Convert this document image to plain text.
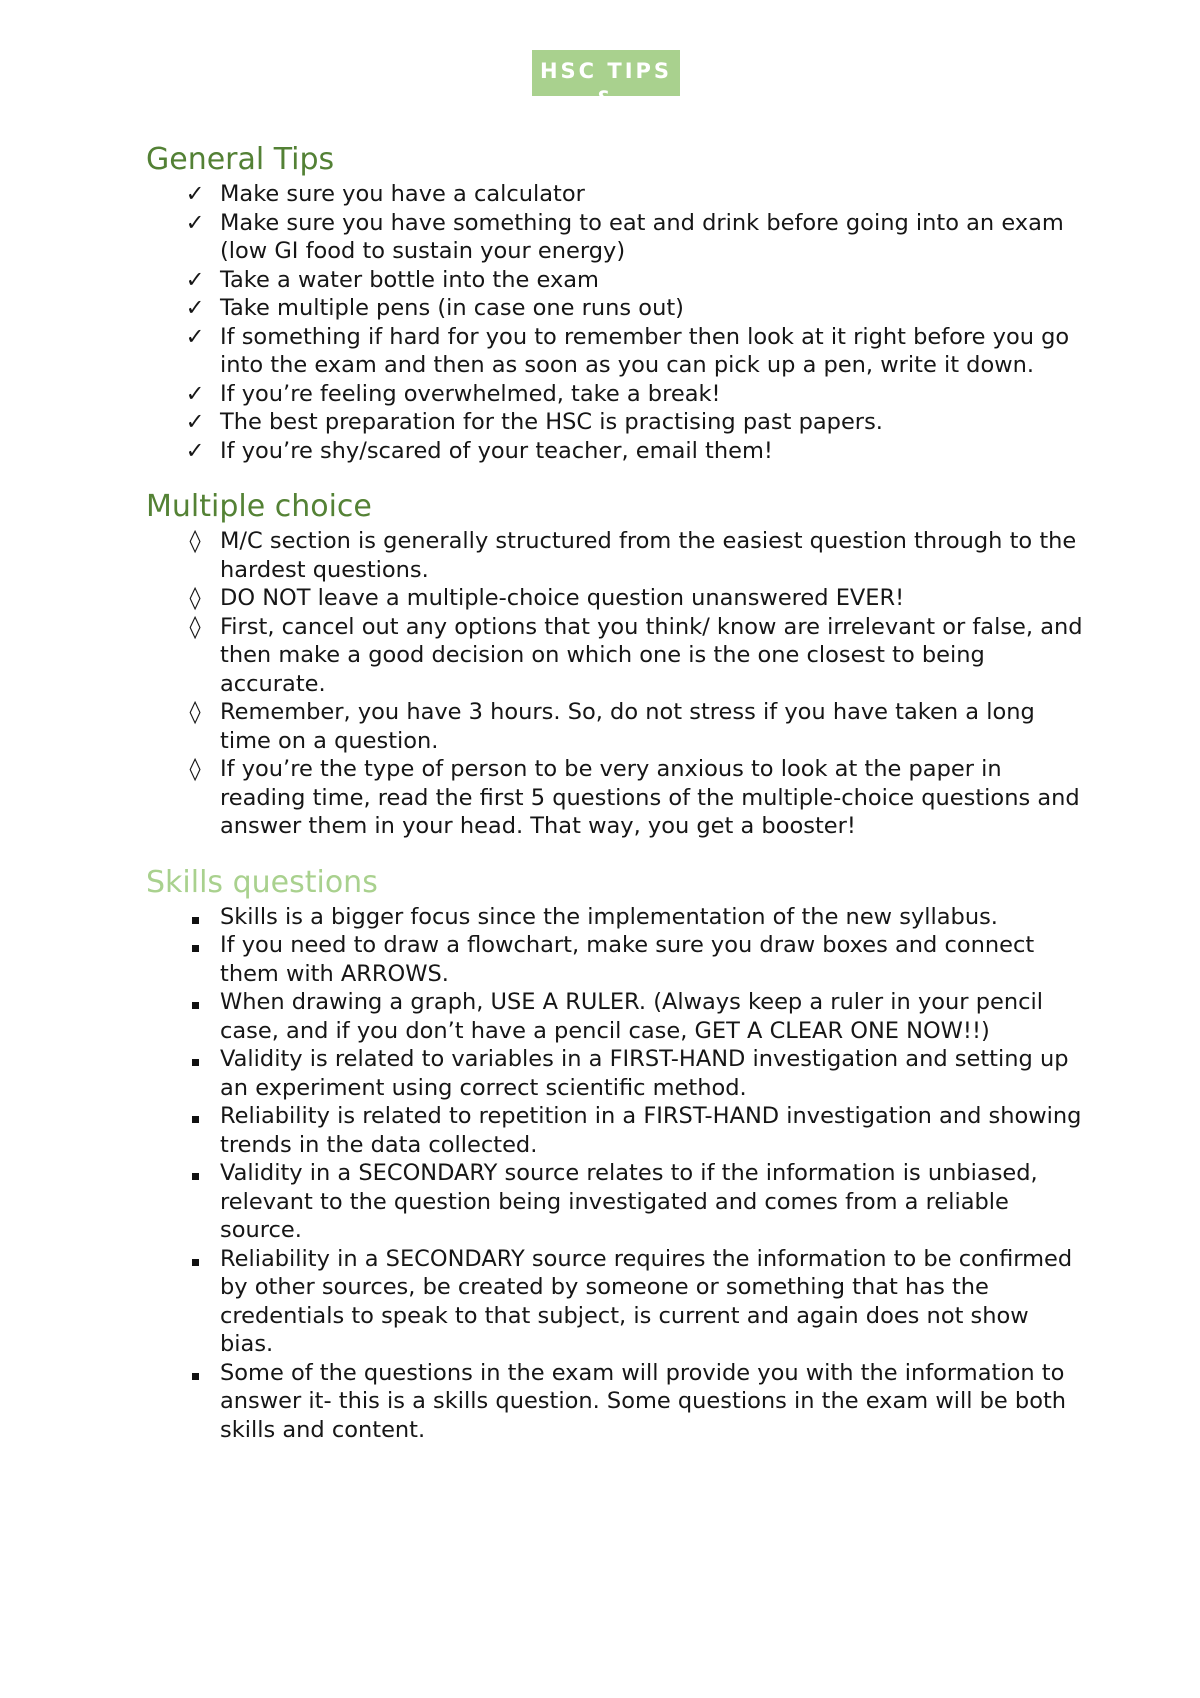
HSC TIPS &
General Tips
✓ Make sure you have a calculator
✓ Make sure you have something to eat and drink before going into an exam (low GI food to sustain your energy)
✓ Take a water bottle into the exam
✓ Take multiple pens (in case one runs out)
✓ If something if hard for you to remember then look at it right before you go into the exam and then as soon as you can pick up a pen, write it down.
✓ If you’re feeling overwhelmed, take a break!
✓ The best preparation for the HSC is practising past papers.
✓ If you’re shy/scared of your teacher, email them!
Multiple choice
◊ M/C section is generally structured from the easiest question through to the hardest questions.
◊ DO NOT leave a multiple-choice question unanswered EVER!
◊ First, cancel out any options that you think/ know are irrelevant or false, and then make a good decision on which one is the one closest to being accurate.
◊ Remember, you have 3 hours. So, do not stress if you have taken a long time on a question.
◊ If you’re the type of person to be very anxious to look at the paper in reading time, read the first 5 questions of the multiple-choice questions and answer them in your head. That way, you get a booster!
Skills questions
Skills is a bigger focus since the implementation of the new syllabus.
If you need to draw a flowchart, make sure you draw boxes and connect them with ARROWS.
When drawing a graph, USE A RULER. (Always keep a ruler in your pencil case, and if you don’t have a pencil case, GET A CLEAR ONE NOW!!)
Validity is related to variables in a FIRST-HAND investigation and setting up an experiment using correct scientific method.
Reliability is related to repetition in a FIRST-HAND investigation and showing trends in the data collected.
Validity in a SECONDARY source relates to if the information is unbiased, relevant to the question being investigated and comes from a reliable source.
Reliability in a SECONDARY source requires the information to be confirmed by other sources, be created by someone or something that has the credentials to speak to that subject, is current and again does not show bias.
Some of the questions in the exam will provide you with the information to answer it- this is a skills question. Some questions in the exam will be both skills and content.
